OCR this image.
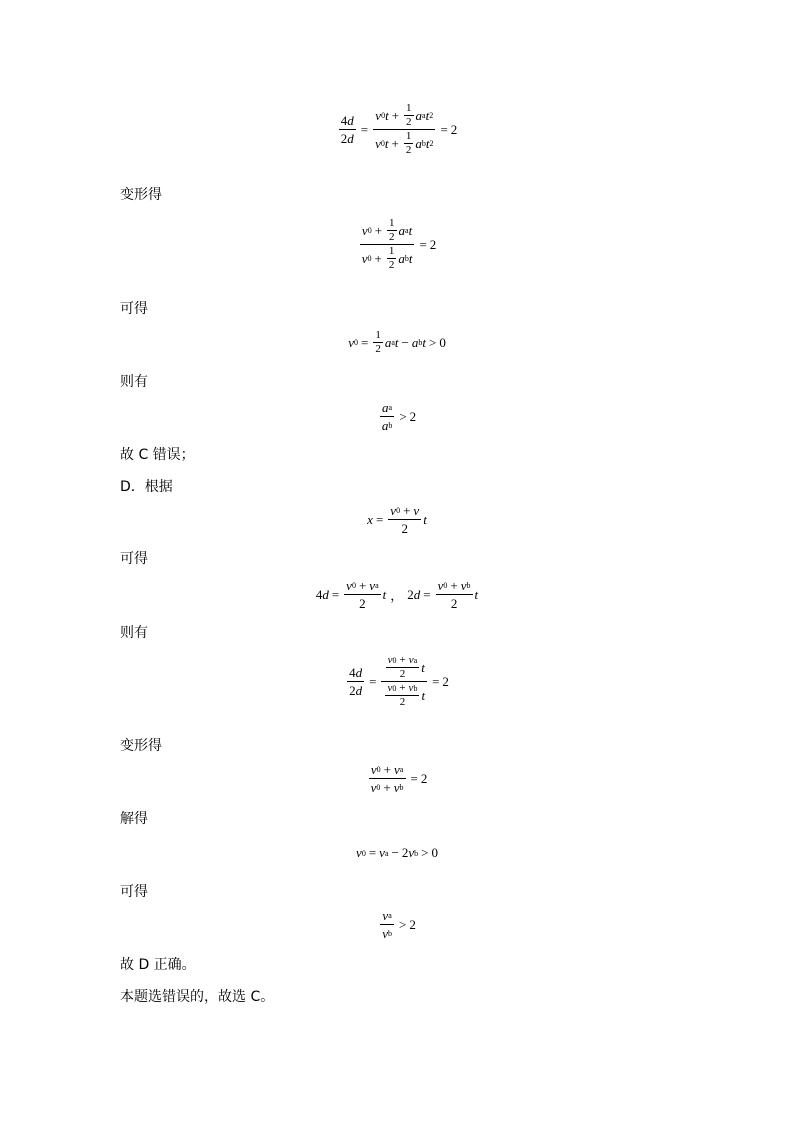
$\frac{4 d}{2 d} = \frac{v 0 t + \frac{1}{2} a a t 2}{v 0 t + \frac{1}{2} a b t 2} = 2$
变形得
$\frac{v 0 + \frac{1}{2} a a t}{v 0 + \frac{1}{2} a b t} = 2$
可得
v $0 = \frac{1}{2}$ a a t − a b t > 0
则有
$\frac{\text{a a}}{\text{a b}} > 2$
故 C 错误；
D．根据
$x = \frac{v 0 + v}{2}$ t
可得
4 $d = \frac{\text{v 0 + v a}}{2}$ t ， 2 $d = \frac{\text{v 0 + v b}}{2}$ t
则有
$\frac{4 d}{2 d} = \frac{\frac{\text{v 0 + v a}}{2} t}{\frac{\text{v 0 + v b}}{2} t} = 2$
变形得
$\frac{\text{v 0 + v a}}{\text{v 0 + v b}} = 2$
解得
v 0 = v a − 2 v b > 0
可得
$\frac{\text{v a}}{\text{v b}} > 2$
故 D 正确。
本题选错误的，故选 C。
